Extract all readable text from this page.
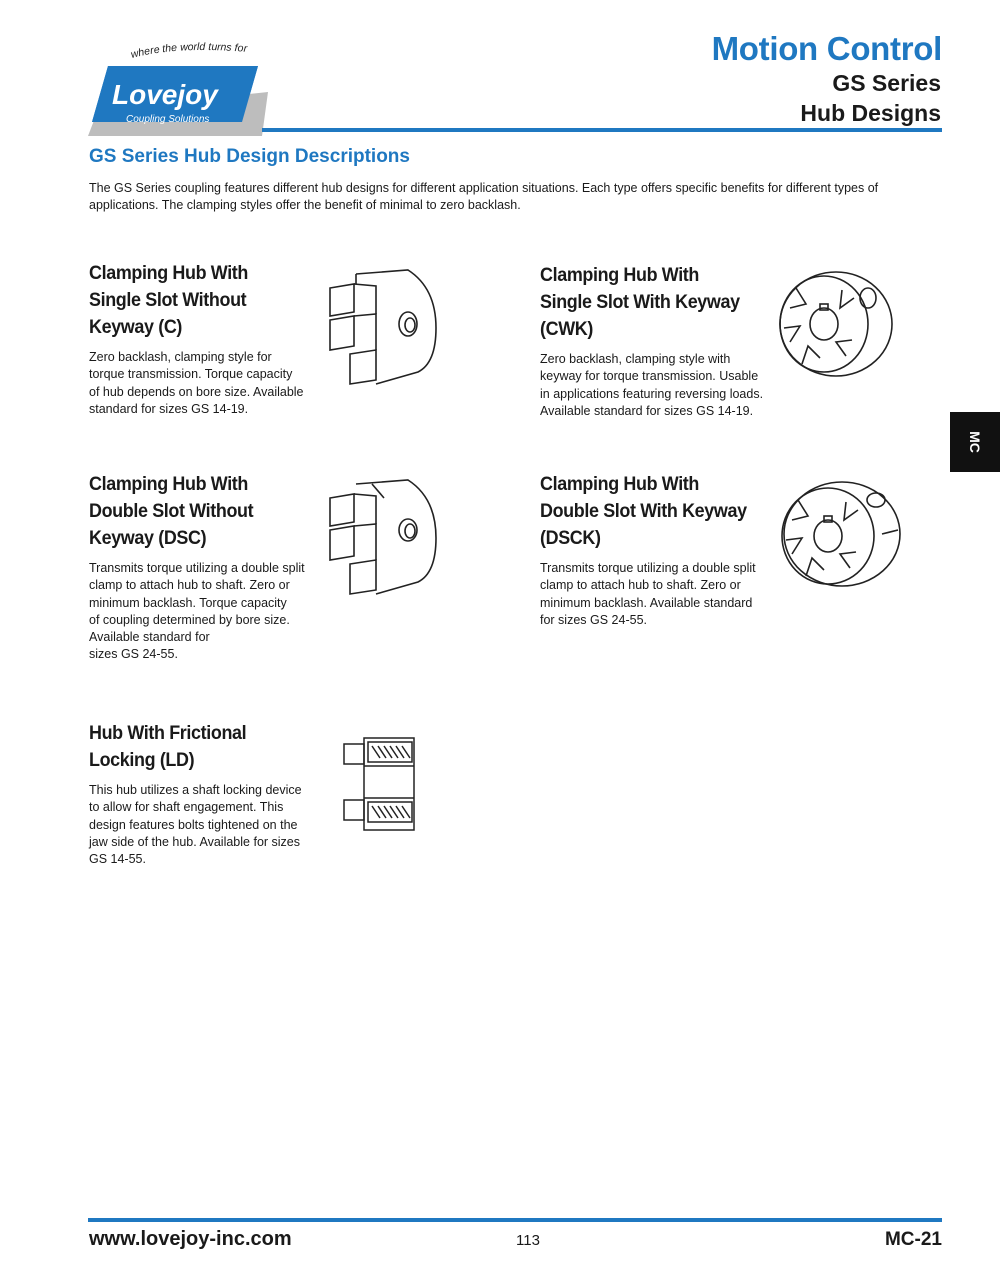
where the world turns for
Lovejoy
Coupling Solutions
Motion Control
GS Series
Hub Designs
GS Series Hub Design Descriptions
The GS Series coupling features different hub designs for different application situations. Each type offers specific benefits for different types of applications. The clamping styles offer the benefit of minimal to zero backlash.
Clamping Hub With
Single Slot Without
Keyway (C)
Zero backlash, clamping style for
torque transmission. Torque capacity
of hub depends on bore size. Available
standard for sizes GS 14-19.
Clamping Hub With
Single Slot With Keyway
(CWK)
Zero backlash, clamping style with
keyway for torque transmission. Usable
in applications featuring reversing loads.
Available standard for sizes GS 14-19.
Clamping Hub With
Double Slot Without
Keyway (DSC)
Transmits torque utilizing a double split
clamp to attach hub to shaft. Zero or
minimum backlash. Torque capacity
of coupling determined by bore size.
Available standard for
sizes GS 24-55.
Clamping Hub With
Double Slot With Keyway
(DSCK)
Transmits torque utilizing a double split
clamp to attach hub to shaft. Zero or
minimum backlash. Available standard
for sizes GS 24-55.
Hub With Frictional
Locking (LD)
This hub utilizes a shaft locking device
to allow for shaft engagement. This
design features bolts tightened on the
jaw side of the hub. Available for sizes
GS 14-55.
MC
www.lovejoy-inc.com	113	MC-21
